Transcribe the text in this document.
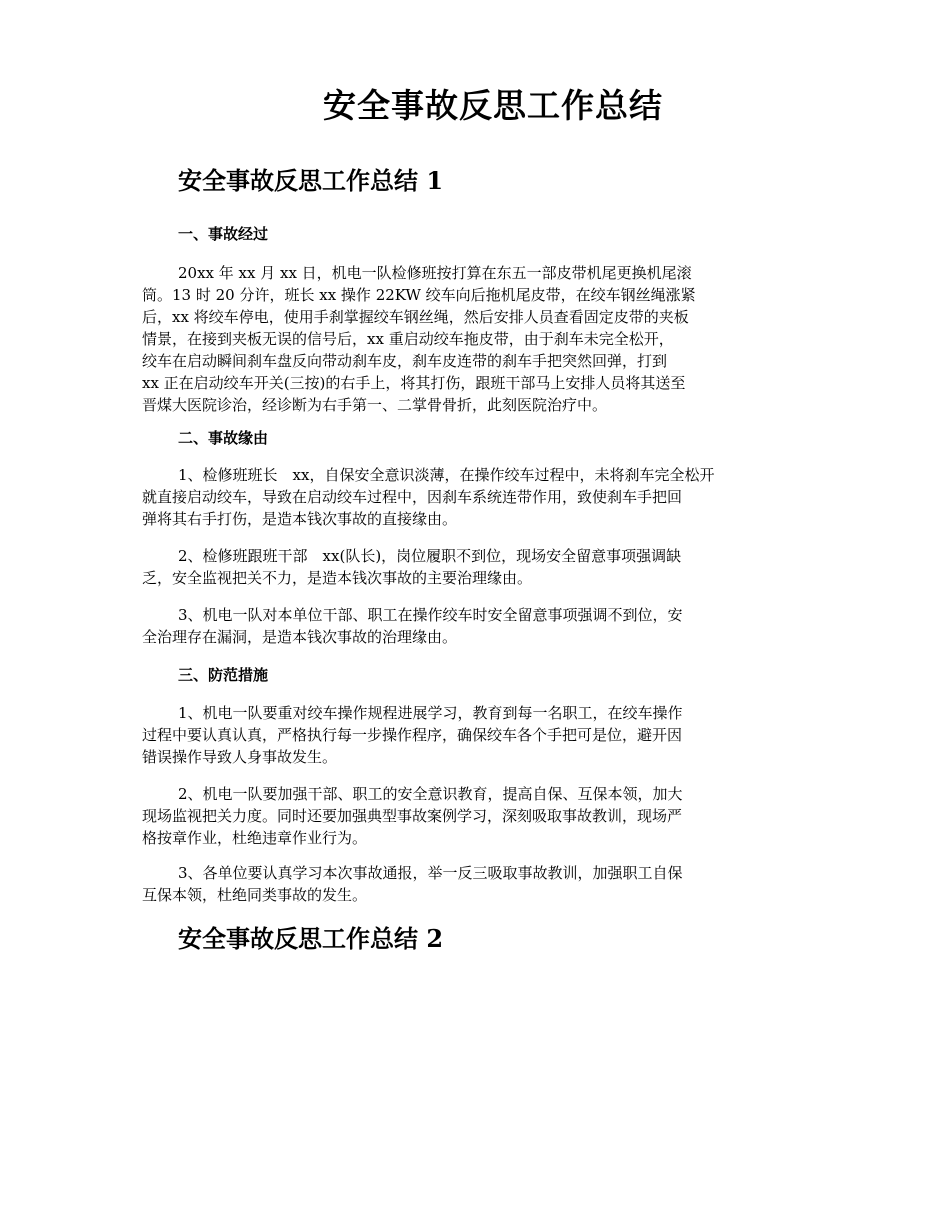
安全事故反思工作总结
安全事故反思工作总结 1
一、事故经过

20xx 年 xx 月 xx 日，机电一队检修班按打算在东五一部皮带机尾更换机尾滚
筒。13 时 20 分许，班长 xx 操作 22KW 绞车向后拖机尾皮带，在绞车钢丝绳涨紧
后，xx 将绞车停电，使用手刹掌握绞车钢丝绳，然后安排人员查看固定皮带的夹板
情景，在接到夹板无误的信号后，xx 重启动绞车拖皮带，由于刹车未完全松开，
绞车在启动瞬间刹车盘反向带动刹车皮，刹车皮连带的刹车手把突然回弹，打到
xx 正在启动绞车开关(三按)的右手上，将其打伤，跟班干部马上安排人员将其送至
晋煤大医院诊治，经诊断为右手第一、二掌骨骨折，此刻医院治疗中。

二、事故缘由

1、检修班班长　xx，自保安全意识淡薄，在操作绞车过程中，未将刹车完全松开
就直接启动绞车，导致在启动绞车过程中，因刹车系统连带作用，致使刹车手把回
弹将其右手打伤，是造本钱次事故的直接缘由。

2、检修班跟班干部　xx(队长)，岗位履职不到位，现场安全留意事项强调缺
乏，安全监视把关不力，是造本钱次事故的主要治理缘由。

3、机电一队对本单位干部、职工在操作绞车时安全留意事项强调不到位，安
全治理存在漏洞，是造本钱次事故的治理缘由。

三、防范措施

1、机电一队要重对绞车操作规程进展学习，教育到每一名职工，在绞车操作
过程中要认真认真，严格执行每一步操作程序，确保绞车各个手把可是位，避开因
错误操作导致人身事故发生。

2、机电一队要加强干部、职工的安全意识教育，提高自保、互保本领，加大
现场监视把关力度。同时还要加强典型事故案例学习，深刻吸取事故教训，现场严
格按章作业，杜绝违章作业行为。

3、各单位要认真学习本次事故通报，举一反三吸取事故教训，加强职工自保
互保本领，杜绝同类事故的发生。

安全事故反思工作总结 2
